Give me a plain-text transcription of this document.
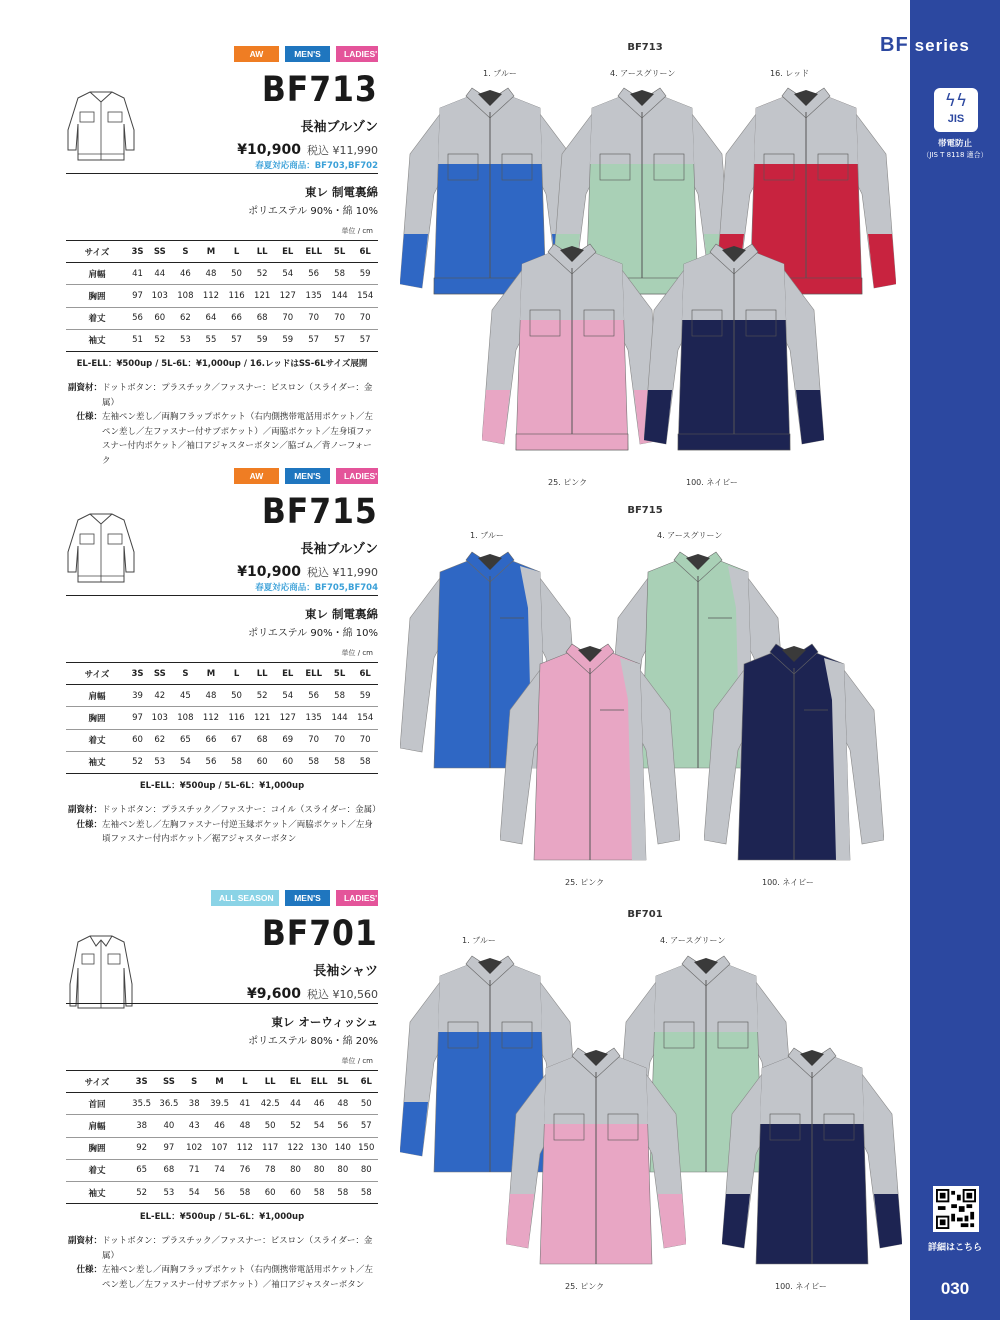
BF series
ϟϟ
JIS
帯電防止
（JIS T 8118 適合）
詳細はこちら
030
AW	MEN'S	LADIES'
BF713
長袖ブルゾン
¥10,900 税込 ¥11,990
春夏対応商品：BF703,BF702
東レ 制電裏綿
ポリエステル 90%・綿 10%
単位 / cm
サイズ	3S	SS	S	M	L	LL	EL	ELL	5L	6L
肩幅	41	44	46	48	50	52	54	56	58	59
胸囲	97	103	108	112	116	121	127	135	144	154
着丈	56	60	62	64	66	68	70	70	70	70
袖丈	51	52	53	55	57	59	59	57	57	57
EL-ELL：¥500up / 5L-6L：¥1,000up / 16.レッドはSS-6Lサイズ展開
副資材： ドットボタン：プラスチック／ファスナー：ビスロン（スライダー：金属）
仕様： 左袖ペン差し／両胸フラップポケット（右内側携帯電話用ポケット／左ペン差し／左ファスナー付サブポケット）／両脇ポケット／左身頃ファスナー付内ポケット／袖口アジャスターボタン／脇ゴム／背ノーフォーク
AW	MEN'S	LADIES'
BF715
長袖ブルゾン
¥10,900 税込 ¥11,990
春夏対応商品：BF705,BF704
東レ 制電裏綿
ポリエステル 90%・綿 10%
単位 / cm
サイズ	3S	SS	S	M	L	LL	EL	ELL	5L	6L
肩幅	39	42	45	48	50	52	54	56	58	59
胸囲	97	103	108	112	116	121	127	135	144	154
着丈	60	62	65	66	67	68	69	70	70	70
袖丈	52	53	54	56	58	60	60	58	58	58
EL-ELL：¥500up / 5L-6L：¥1,000up
副資材： ドットボタン：プラスチック／ファスナー：コイル（スライダー：金属）
仕様： 左袖ペン差し／左胸ファスナー付逆玉縁ポケット／両脇ポケット／左身頃ファスナー付内ポケット／裾アジャスターボタン
ALL SEASON	MEN'S	LADIES'
BF701
長袖シャツ
¥9,600 税込 ¥10,560
東レ オーウィッシュ
ポリエステル 80%・綿 20%
単位 / cm
サイズ	3S	SS	S	M	L	LL	EL	ELL	5L	6L
首回	35.5	36.5	38	39.5	41	42.5	44	46	48	50
肩幅	38	40	43	46	48	50	52	54	56	57
胸囲	92	97	102	107	112	117	122	130	140	150
着丈	65	68	71	74	76	78	80	80	80	80
袖丈	52	53	54	56	58	60	60	58	58	58
EL-ELL：¥500up / 5L-6L：¥1,000up
副資材： ドットボタン：プラスチック／ファスナー：ビスロン（スライダー：金属）
仕様： 左袖ペン差し／両胸フラップポケット（右内側携帯電話用ポケット／左ペン差し／左ファスナー付サブポケット）／袖口アジャスターボタン
BF713
BF715
BF701
1. ブルー	4. アースグリーン	16. レッド
25. ピンク	100. ネイビー
1. ブルー	4. アースグリーン
25. ピンク	100. ネイビー
1. ブルー	4. アースグリーン
25. ピンク	100. ネイビー
